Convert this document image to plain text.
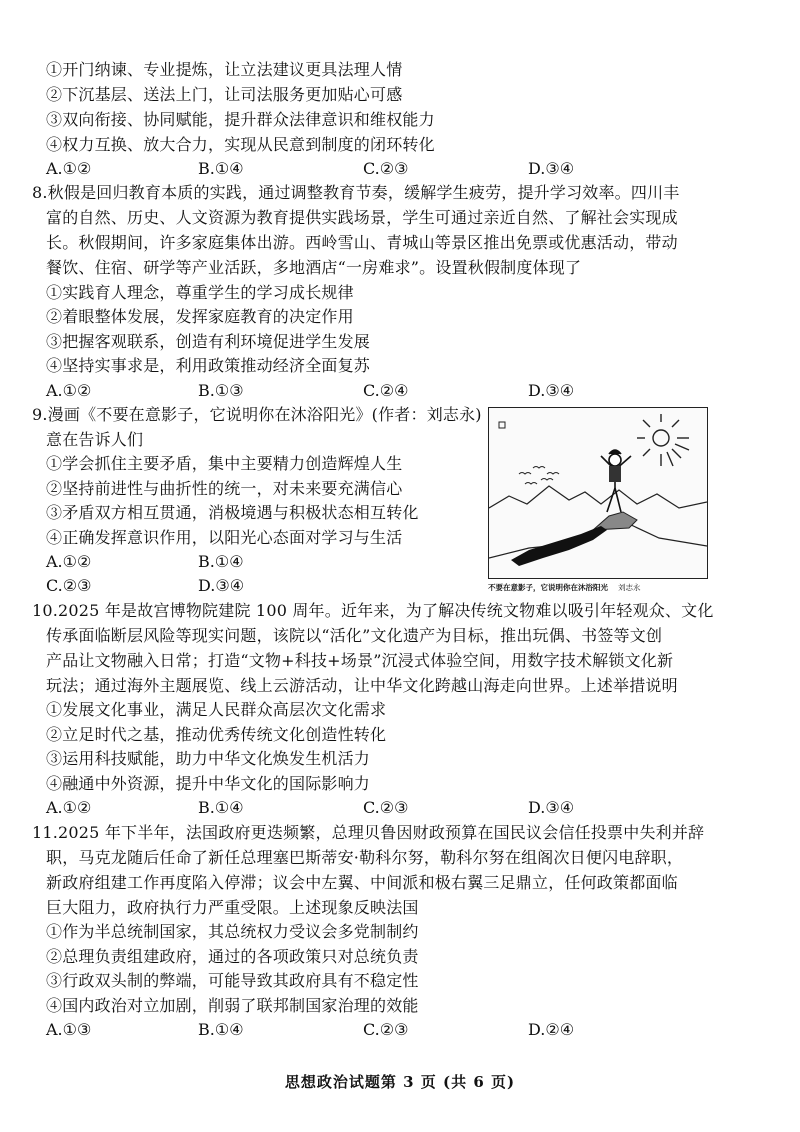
①开门纳谏、专业提炼，让立法建议更具法理人情
②下沉基层、送法上门，让司法服务更加贴心可感
③双向衔接、协同赋能，提升群众法律意识和维权能力
④权力互换、放大合力，实现从民意到制度的闭环转化
A.①②	B.①④	C.②③	D.③④
8.秋假是回归教育本质的实践，通过调整教育节奏，缓解学生疲劳，提升学习效率。四川丰
富的自然、历史、人文资源为教育提供实践场景，学生可通过亲近自然、了解社会实现成
长。秋假期间，许多家庭集体出游。西岭雪山、青城山等景区推出免票或优惠活动，带动
餐饮、住宿、研学等产业活跃，多地酒店“一房难求”。设置秋假制度体现了
①实践育人理念，尊重学生的学习成长规律
②着眼整体发展，发挥家庭教育的决定作用
③把握客观联系，创造有利环境促进学生发展
④坚持实事求是，利用政策推动经济全面复苏
A.①②	B.①③	C.②④	D.③④
9.漫画《不要在意影子，它说明你在沐浴阳光》(作者：刘志永)
意在告诉人们
①学会抓住主要矛盾，集中主要精力创造辉煌人生
②坚持前进性与曲折性的统一，对未来要充满信心
③矛盾双方相互贯通，消极境遇与积极状态相互转化
④正确发挥意识作用，以阳光心态面对学习与生活
A.①②	B.①④
C.②③	D.③④	不要在意影子，它说明你在沐浴阳光 刘志永
10.2025 年是故宫博物院建院 100 周年。近年来，为了解决传统文物难以吸引年轻观众、文化
传承面临断层风险等现实问题，该院以“活化”文化遗产为目标，推出玩偶、书签等文创
产品让文物融入日常；打造“文物+科技+场景”沉浸式体验空间，用数字技术解锁文化新
玩法；通过海外主题展览、线上云游活动，让中华文化跨越山海走向世界。上述举措说明
①发展文化事业，满足人民群众高层次文化需求
②立足时代之基，推动优秀传统文化创造性转化
③运用科技赋能，助力中华文化焕发生机活力
④融通中外资源，提升中华文化的国际影响力
A.①②	B.①④	C.②③	D.③④
11.2025 年下半年，法国政府更迭频繁，总理贝鲁因财政预算在国民议会信任投票中失利并辞
职，马克龙随后任命了新任总理塞巴斯蒂安·勒科尔努，勒科尔努在组阁次日便闪电辞职，
新政府组建工作再度陷入停滞；议会中左翼、中间派和极右翼三足鼎立，任何政策都面临
巨大阻力，政府执行力严重受限。上述现象反映法国
①作为半总统制国家，其总统权力受议会多党制制约
②总理负责组建政府，通过的各项政策只对总统负责
③行政双头制的弊端，可能导致其政府具有不稳定性
④国内政治对立加剧，削弱了联邦制国家治理的效能
A.①③	B.①④	C.②③	D.②④
思想政治试题第 3 页 (共 6 页)
